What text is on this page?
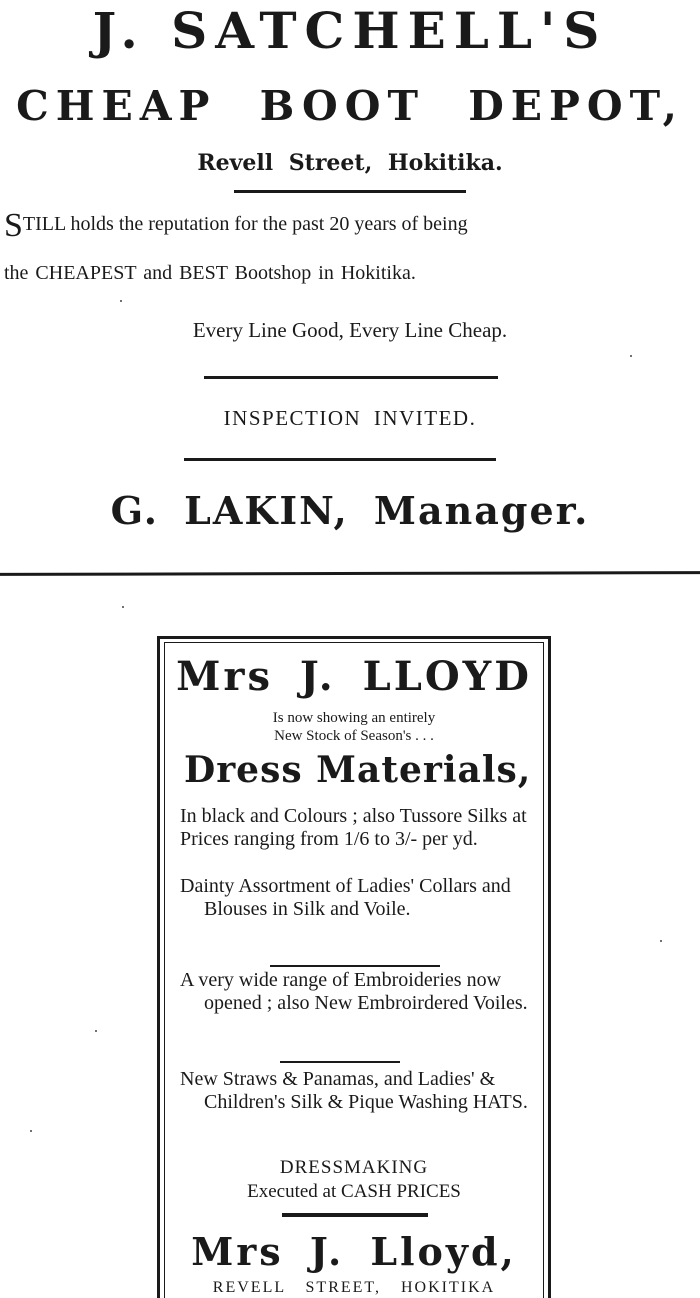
J. SATCHELL'S
CHEAP BOOT DEPOT,
Revell Street, Hokitika.
STILL holds the reputation for the past 20 years of being
the CHEAPEST and BEST Bootshop in Hokitika.
Every Line Good, Every Line Cheap.
INSPECTION INVITED.
G. LAKIN, Manager.
Mrs J. LLOYD
Is now showing an entirely
New Stock of Season's . . .
Dress Materials,
In black and Colours ; also Tussore Silks at Prices ranging from 1/6 to 3/- per yd.
Dainty Assortment of Ladies' Collars and Blouses in Silk and Voile.
A very wide range of Embroideries now opened ; also New Embroirdered Voiles.
New Straws & Panamas, and Ladies' & Children's Silk & Pique Washing HATS.
DRESSMAKING
Executed at CASH PRICES
Mrs J. Lloyd,
REVELL STREET, HOKITIKA
